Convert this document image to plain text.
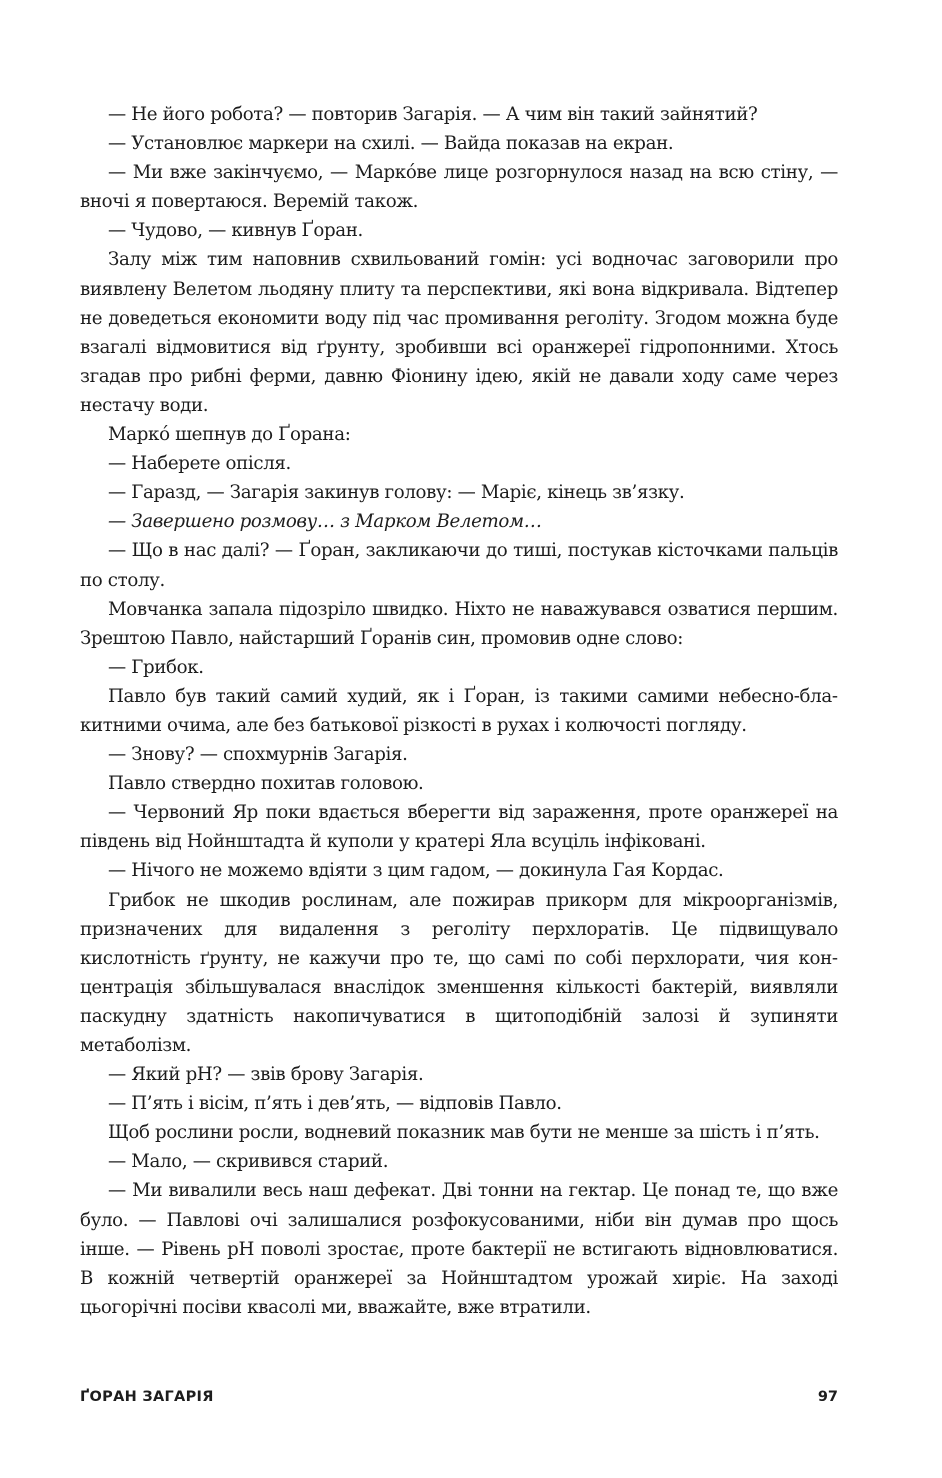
— Не його робота? — повторив Загарія. — А чим він такий зайнятий?

— Установлює маркери на схилі. — Вайда показав на екран.

— Ми вже закінчуємо, — Марко́ве лице розгорнулося назад на всю стіну, — вночі я повертаюся. Веремій також.

— Чудово, — кивнув Ґоран.

Залу між тим наповнив схвильований гомін: усі водночас заговорили про виявлену Велетом льодяну плиту та перспективи, які вона відкривала. Відтепер не доведеться економити воду під час промивання реголіту. Згодом можна буде взагалі відмовитися від ґрунту, зробивши всі оранжереї гідропонними. Хтось згадав про рибні ферми, давню Фіонину ідею, якій не давали ходу саме через нестачу води.

Марко́ шепнув до Ґорана:

— Наберете опісля.

— Гаразд, — Загарія закинув голову: — Маріє, кінець зв’язку.

— Завершено розмову… з Марком Велетом…

— Що в нас далі? — Ґоран, закликаючи до тиші, постукав кісточками пальців по столу.

Мовчанка запала підозріло швидко. Ніхто не наважувався озватися першим. Зрештою Павло, найстарший Ґоранів син, промовив одне слово:

— Грибок.

Павло був такий самий худий, як і Ґоран, із такими самими небесно-блакитними очима, але без батькової різкості в рухах і колючості погляду.

— Знову? — спохмурнів Загарія.

Павло ствердно похитав головою.

— Червоний Яр поки вдається вберегти від зараження, проте оранжереї на південь від Нойнштадта й куполи у кратері Яла всуціль інфіковані.

— Нічого не можемо вдіяти з цим гадом, — докинула Гая Кордас.

Грибок не шкодив рослинам, але пожирав прикорм для мікроорганізмів, призначених для видалення з реголіту перхлоратів. Це підвищувало кислотність ґрунту, не кажучи про те, що самі по собі перхлорати, чия концентрація збільшувалася внаслідок зменшення кількості бактерій, виявляли паскудну здатність накопичуватися в щитоподібній залозі й зупиняти метаболізм.

— Який pH? — звів брову Загарія.

— П’ять і вісім, п’ять і дев’ять, — відповів Павло.

Щоб рослини росли, водневий показник мав бути не менше за шість і п’ять.

— Мало, — скривився старий.

— Ми вивалили весь наш дефекат. Дві тонни на гектар. Це понад те, що вже було. — Павлові очі залишалися розфокусованими, ніби він думав про щось інше. — Рівень pH поволі зростає, проте бактерії не встигають відновлюватися. В кожній четвертій оранжереї за Нойнштадтом урожай хиріє. На заході цьогорічні посіви квасолі ми, вважайте, вже втратили.

ҐОРАН ЗАГАРІЯ	97
